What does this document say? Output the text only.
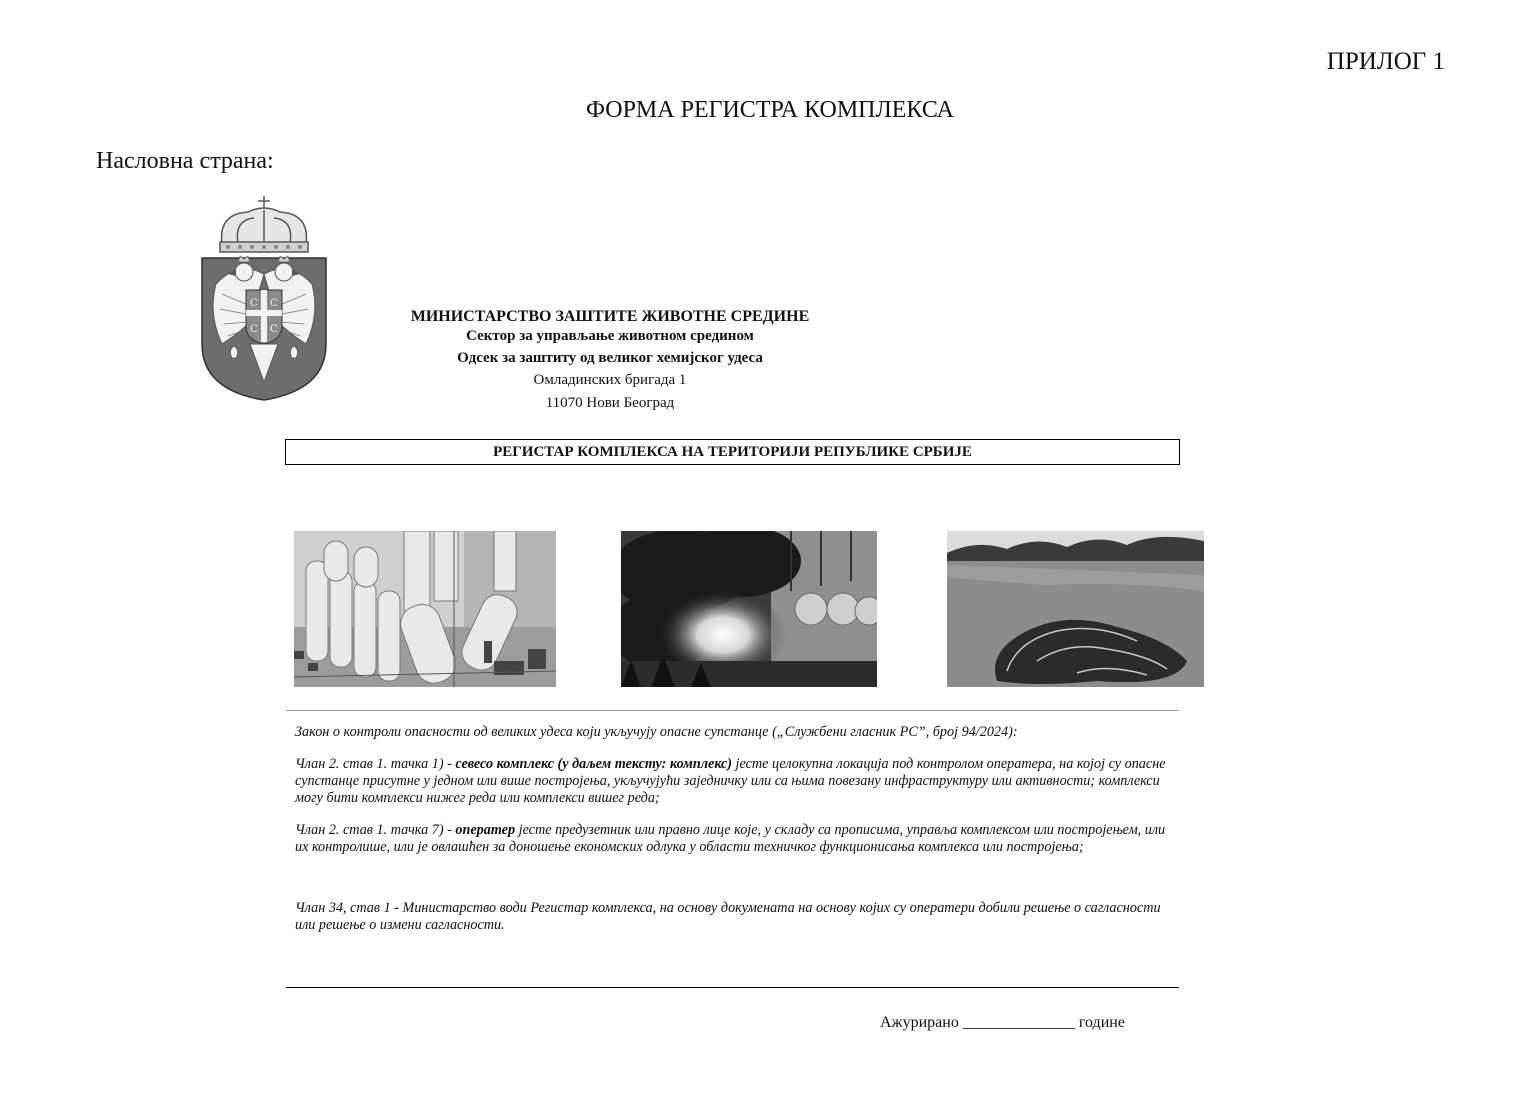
ПРИЛОГ 1
ФОРМА РЕГИСТРА КОМПЛЕКСА
Насловна страна:
С С
С С
МИНИСТАРСТВО ЗАШТИТЕ ЖИВОТНЕ СРЕДИНЕ
Сектор за управљање животном средином
Одсек за заштиту од великог хемијског удеса
Омладинских бригада 1
11070 Нови Београд
РЕГИСТАР КОМПЛЕКСА НА ТЕРИТОРИЈИ РЕПУБЛИКЕ СРБИЈЕ
Закон о контроли опасности од великих удеса који укључују опасне супстанце („Службени гласник РС”, број 94/2024):
Члан 2. став 1. тачка 1) - севесо комплекс (у даљем тексту: комплекс) јесте целокупна локација под контролом оператера, на којој су опасне супстанце присутне у једном или више постројења, укључујући заједничку или са њима повезану инфраструктуру или активности; комплекси могу бити комплекси нижег реда или комплекси вишег реда;
Члан 2. став 1. тачка 7) - оператер јесте предузетник или правно лице које, у складу са прописима, управља комплексом или постројењем, или их контролише, или је овлашћен за доношење економских одлука у области техничког функционисања комплекса или постројења;
Члан 34, став 1 - Министарство води Регистар комплекса, на основу докумената на основу којих су оператери добили решење о сагласности или решење о измени сагласности.
Ажурирано ______________ године
